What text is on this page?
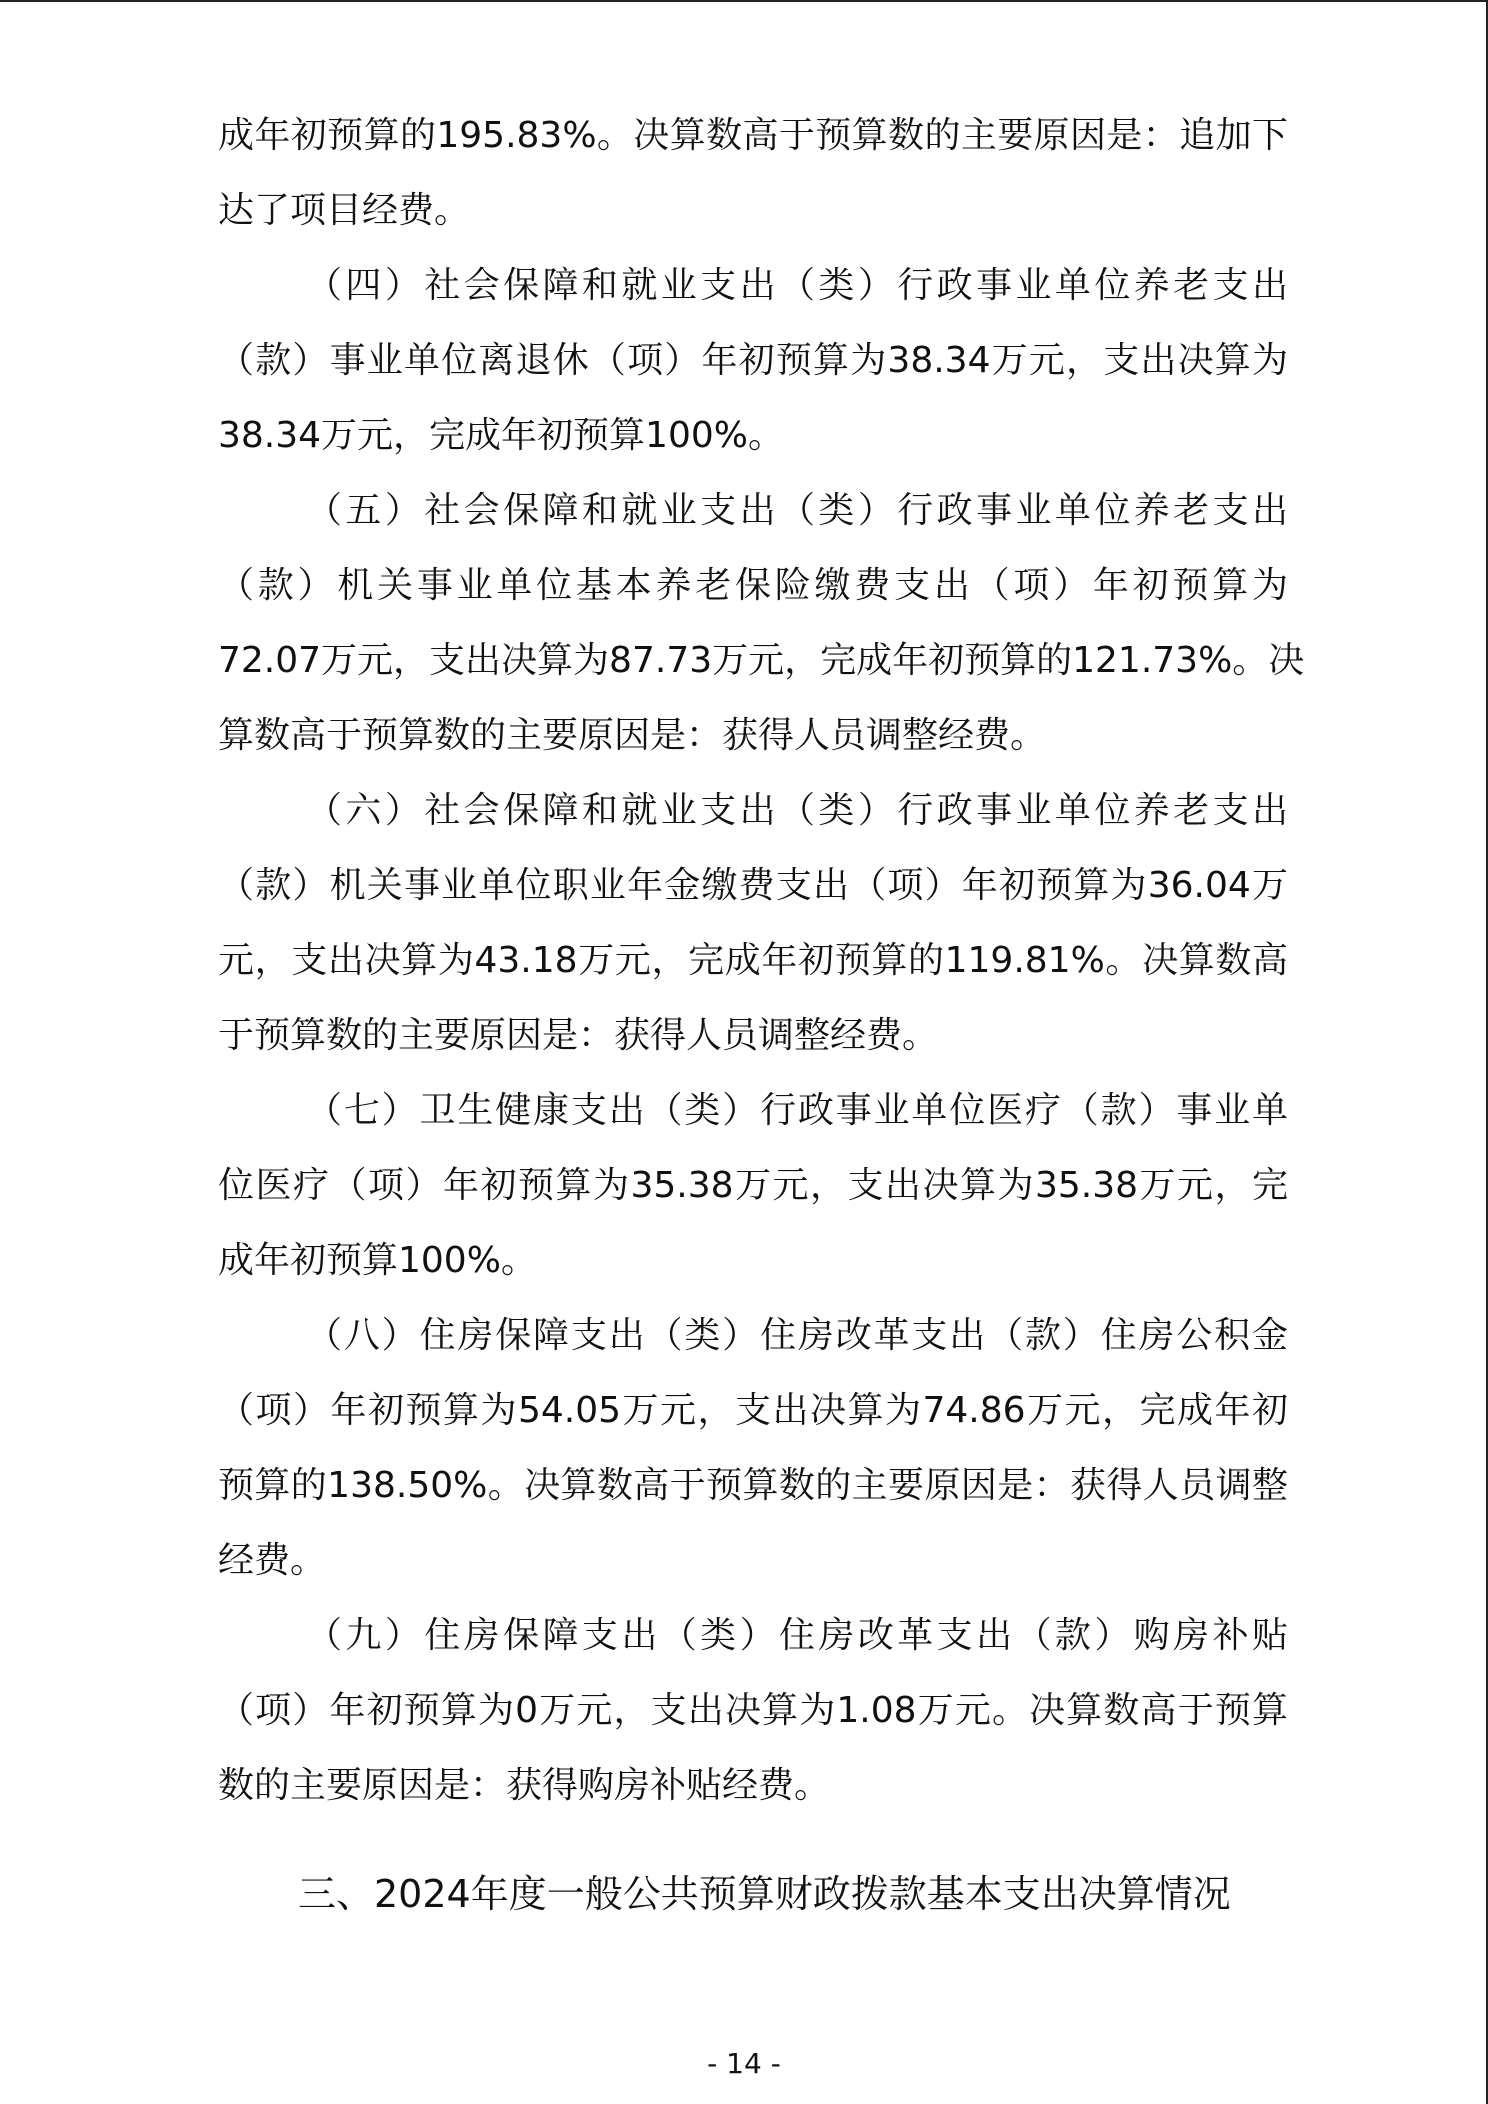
成年初预算的195.83%。决算数高于预算数的主要原因是：追加下
达了项目经费。
（四）社会保障和就业支出（类）行政事业单位养老支出
（款）事业单位离退休（项）年初预算为38.34万元，支出决算为
38.34万元，完成年初预算100%。
（五）社会保障和就业支出（类）行政事业单位养老支出
（款）机关事业单位基本养老保险缴费支出（项）年初预算为
72.07万元，支出决算为87.73万元，完成年初预算的121.73%。决
算数高于预算数的主要原因是：获得人员调整经费。
（六）社会保障和就业支出（类）行政事业单位养老支出
（款）机关事业单位职业年金缴费支出（项）年初预算为36.04万
元，支出决算为43.18万元，完成年初预算的119.81%。决算数高
于预算数的主要原因是：获得人员调整经费。
（七）卫生健康支出（类）行政事业单位医疗（款）事业单
位医疗（项）年初预算为35.38万元，支出决算为35.38万元，完
成年初预算100%。
（八）住房保障支出（类）住房改革支出（款）住房公积金
（项）年初预算为54.05万元，支出决算为74.86万元，完成年初
预算的138.50%。决算数高于预算数的主要原因是：获得人员调整
经费。
（九）住房保障支出（类）住房改革支出（款）购房补贴
（项）年初预算为0万元，支出决算为1.08万元。决算数高于预算
数的主要原因是：获得购房补贴经费。
三、2024年度一般公共预算财政拨款基本支出决算情况
- 14 -
